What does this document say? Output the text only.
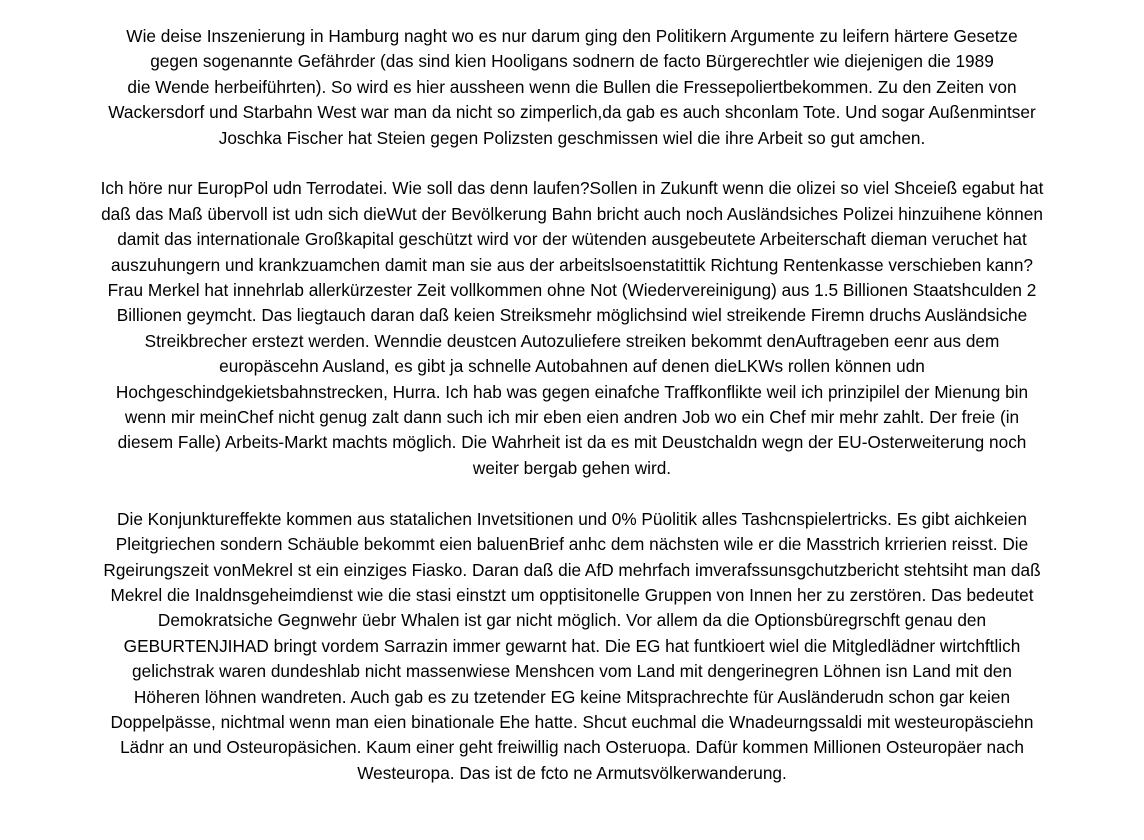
Wie deise Inszenierung in Hamburg naght wo es nur darum ging den Politikern Argumente zu leifern härtere Gesetze
gegen sogenannte Gefährder (das sind kien Hooligans sodnern de facto Bürgerechtler wie diejenigen die 1989
die Wende herbeiführten). So wird es hier aussheen wenn die Bullen die Fressepoliertbekommen. Zu den Zeiten von
Wackersdorf und Starbahn West war man da nicht so zimperlich,da gab es auch shconlam Tote. Und sogar Außenmintser
Joschka Fischer hat Steien gegen Polizsten geschmissen wiel die ihre Arbeit so gut amchen.

Ich höre nur EuropPol udn Terrodatei. Wie soll das denn laufen?Sollen in Zukunft wenn die olizei so viel Shceieß egabut hat
daß das Maß übervoll ist udn sich dieWut der Bevölkerung Bahn bricht auch noch Ausländsiches Polizei hinzuihene können
damit das internationale Großkapital geschützt wird vor der wütenden ausgebeutete Arbeiterschaft dieman veruchet hat
auszuhungern und krankzuamchen damit man sie aus der arbeitslsoenstatittik Richtung Rentenkasse verschieben kann?
Frau Merkel hat innehrlab allerkürzester Zeit vollkommen ohne Not (Wiedervereinigung) aus 1.5 Billionen Staatshculden 2
Billionen geymcht. Das liegtauch daran daß keien Streiksmehr möglichsind wiel streikende Firemn druchs Ausländsiche
Streikbrecher erstezt werden. Wenndie deustcen Autozuliefere streiken bekommt denAuftrageben eenr aus dem
europäscehn Ausland, es gibt ja schnelle Autobahnen auf denen dieLKWs rollen können udn
Hochgeschindgekietsbahnstrecken, Hurra. Ich hab was gegen einafche Traffkonflikte weil ich prinzipilel der Mienung bin
wenn mir meinChef nicht genug zalt dann such ich mir eben eien andren Job wo ein Chef mir mehr zahlt. Der freie (in
diesem Falle) Arbeits-Markt machts möglich. Die Wahrheit ist da es mit Deustchaldn wegn der EU-Osterweiterung noch
weiter bergab gehen wird.

Die Konjunktureffekte kommen aus statalichen Invetsitionen und 0% Püolitik alles Tashcnspielertricks. Es gibt aichkeien
Pleitgriechen sondern Schäuble bekommt eien baluenBrief anhc dem nächsten wile er die Masstrich krrierien reisst. Die
Rgeirungszeit vonMekrel st ein einziges Fiasko. Daran daß die AfD mehrfach imverafssunsgchutzbericht stehtsiht man daß
Mekrel die Inaldnsgeheimdienst wie die stasi einstzt um opptisitonelle Gruppen von Innen her zu zerstören. Das bedeutet
Demokratsiche Gegnwehr üebr Whalen ist gar nicht möglich. Vor allem da die Optionsbüregrschft genau den
GEBURTENJIHAD bringt vordem Sarrazin immer gewarnt hat. Die EG hat funtkioert wiel die Mitgledlädner wirtchftlich
gelichstrak waren dundeshlab nicht massenwiese Menshcen vom Land mit dengerinegren Löhnen isn Land mit den
Höheren löhnen wandreten. Auch gab es zu tzetender EG keine Mitsprachrechte für Ausländerudn schon gar keien
Doppelpässe, nichtmal wenn man eien binationale Ehe hatte. Shcut euchmal die Wnadeurngssaldi mit westeuropäsciehn
Lädnr an und Osteuropäsichen. Kaum einer geht freiwillig nach Osteruopa. Dafür kommen Millionen Osteuropäer nach
Westeuropa. Das ist de fcto ne Armutsvölkerwanderung.
